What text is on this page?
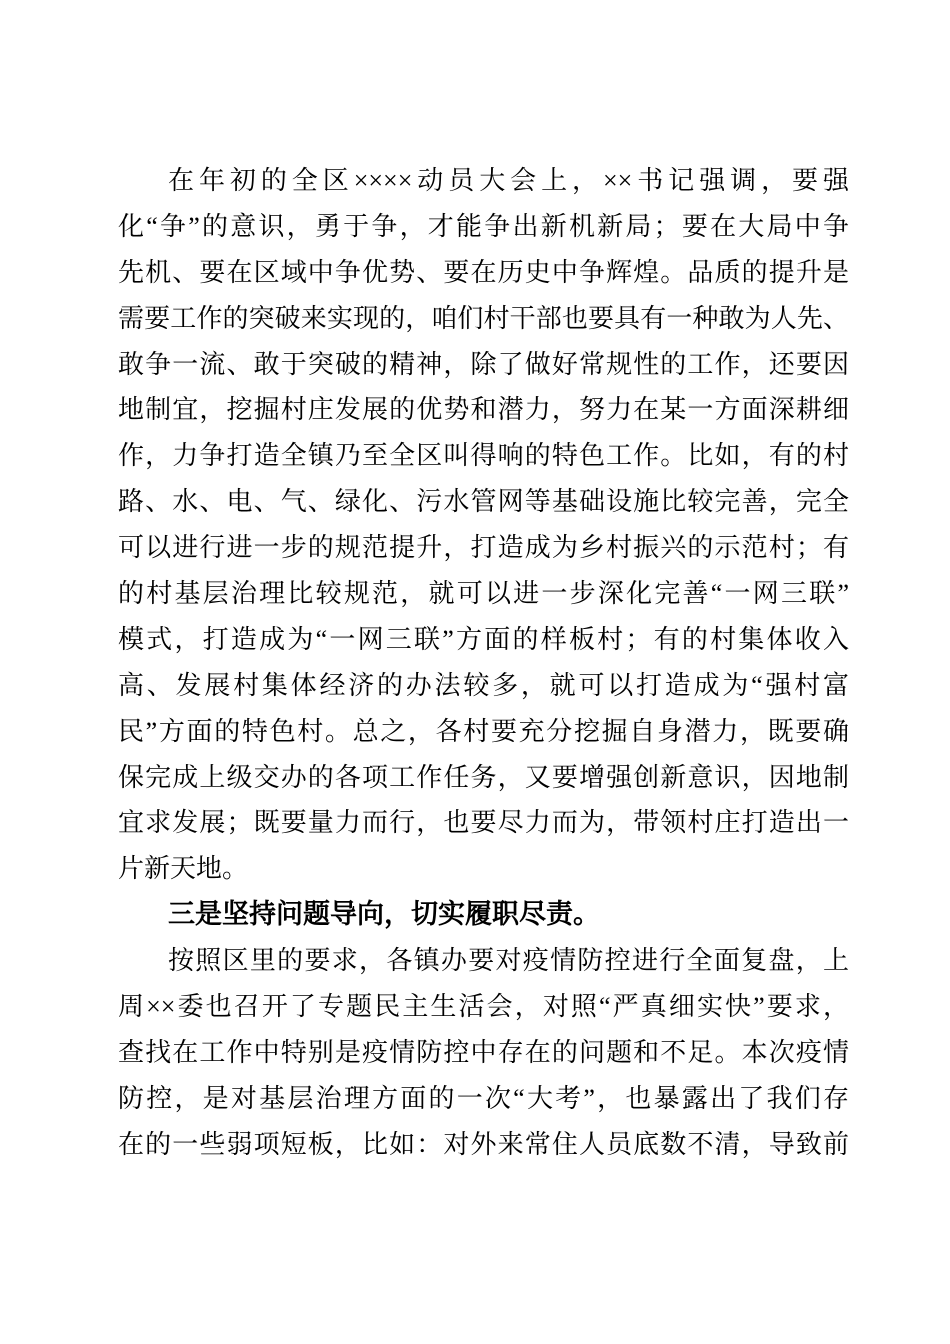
在年初的全区××××动员大会上，××书记强调，要强
化“争”的意识，勇于争，才能争出新机新局；要在大局中争
先机、要在区域中争优势、要在历史中争辉煌。品质的提升是
需要工作的突破来实现的，咱们村干部也要具有一种敢为人先、
敢争一流、敢于突破的精神，除了做好常规性的工作，还要因
地制宜，挖掘村庄发展的优势和潜力，努力在某一方面深耕细
作，力争打造全镇乃至全区叫得响的特色工作。比如，有的村
路、水、电、气、绿化、污水管网等基础设施比较完善，完全
可以进行进一步的规范提升，打造成为乡村振兴的示范村；有
的村基层治理比较规范，就可以进一步深化完善“一网三联”
模式，打造成为“一网三联”方面的样板村；有的村集体收入
高、发展村集体经济的办法较多，就可以打造成为“强村富
民”方面的特色村。总之，各村要充分挖掘自身潜力，既要确
保完成上级交办的各项工作任务，又要增强创新意识，因地制
宜求发展；既要量力而行，也要尽力而为，带领村庄打造出一
片新天地。
三是坚持问题导向，切实履职尽责。
按照区里的要求，各镇办要对疫情防控进行全面复盘，上
周××委也召开了专题民主生活会，对照“严真细实快”要求，
查找在工作中特别是疫情防控中存在的问题和不足。本次疫情
防控，是对基层治理方面的一次“大考”，也暴露出了我们存
在的一些弱项短板，比如：对外来常住人员底数不清，导致前
